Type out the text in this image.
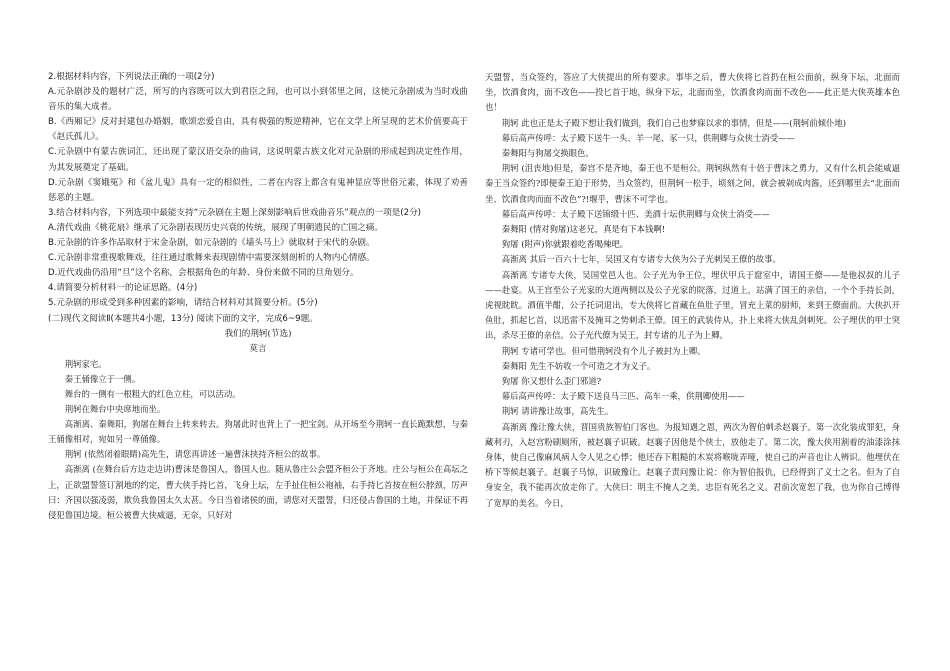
2.根据材料内容，下列说法正确的一项(2分)

A.元杂剧涉及的题材广泛，所写的内容既可以大到君臣之间，也可以小到邻里之间，这使元杂剧成为当时戏曲音乐的集大成者。

B.《西厢记》反对封建包办婚姻，歌颂恋爱自由，具有极强的叛逆精神，它在文学上所呈现的艺术价值要高于《赵氏孤儿》。

C.元杂剧中有蒙古族词汇，还出现了蒙汉语交杂的曲词，这说明蒙古族文化对元杂剧的形成起到决定性作用，为其发展奠定了基础。

D.元杂剧《窦娥冤》和《盆儿鬼》具有一定的相似性，二者在内容上都含有鬼神显应等世俗元素，体现了劝善惩恶的主题。

3.结合材料内容，下列选项中最能支持“元杂剧在主题上深刻影响后世戏曲音乐”观点的一项是(2分)

A.清代戏曲《桃花扇》继承了元杂剧表现历史兴衰的传统，展现了明朝遗民的亡国之痛。

B.元杂剧的许多作品取材于宋金杂剧，如元杂剧的《墙头马上》就取材于宋代的杂剧。

C.元杂剧非常重视歌舞戏，往往通过歌舞来表现剧情中需要深刻剖析的人物内心情感。

D.近代戏曲仍沿用“旦”这个名称，会根据角色的年龄、身份来做不同的旦角划分。

4.请简要分析材料一的论证思路。(4分)

5.元杂剧的形成受到多种因素的影响，请结合材料对其简要分析。(5分)

(二)现代文阅读Ⅱ(本题共4小题，13分) 阅读下面的文字，完成6~9题。

我们的荆轲(节选)

莫言

荆轲家宅。

秦王俑像立于一侧。

舞台的一侧有一根粗大的红色立柱，可以活动。

荆轲在舞台中央席地而坐。

高渐离、秦舞阳，狗屠在舞台上转来转去。狗屠此时也背上了一把宝剑。从开场至今荆轲一直长跪默想，与秦王俑像相对，宛如另一尊俑像。

荆轲 (依然闭着眼睛)高先生，请您再讲述一遍曹沫挟持齐桓公的故事。

高渐离 (在舞台后方边走边讲)曹沫是鲁国人，鲁国人也。随从鲁庄公会盟齐桓公于齐地。庄公与桓公在高坛之上，正欲盟誓签订割地的约定，曹大侠手持匕首，飞身上坛，左手扯住桓公袍袖，右手持匕首按在桓公脖颈，厉声曰：齐国以强凌弱，欺负我鲁国太久太甚。今日当着诸侯的面，请您对天盟誓，归还侵占鲁国的土地，并保证不再侵犯鲁国边境。桓公被曹大侠威逼，无奈，只好对

天盟誓，当众签约，答应了大侠提出的所有要求。事毕之后，曹大侠将匕首扔在桓公面前，纵身下坛，北面而坐，饮酒食肉，面不改色——投匕首于地，纵身下坛，北面而坐，饮酒食肉而面不改色——此正是大侠英雄本色也！

荆轲 此也正是太子殿下想让我们做到，我们自己也梦寐以求的事情，但是——(荆轲前倾仆地)

幕后高声传呼：太子殿下送牛一头、羊一尾、豕一只，供荆卿与众侠士消受——

秦舞阳与狗屠交换眼色。

荆轲 (沮丧地)但是，秦宫不是齐地，秦王也不是桓公。荆轲纵然有十倍于曹沫之勇力，又有什么机会能威逼秦王当众签约?即便秦王迫于形势，当众签约，但荆轲一松手，顷刻之间，就会被剁成肉酱，还到哪里去“北面而坐、饮酒食肉而面不改色”?!堰乎，曹沫不可学也。

幕后高声传呼：太子殿下送锦缎十匹、美酒十坛供荆卿与众侠士消受——

秦舞阳 (情对狗屠)这老兄，真是有下本钱啊!

狗屠 (附声)你就跟着吃香喝辣吧。

高渐离 其后一百六十七年，吴国又有专诸专大侠为公子光刺吴王僚的故事。

高渐离 专诸专大侠，吴国堂邑人也。公子光为争王位，埋伏甲兵于窟室中，请国王僚——是他叔叔的儿子——赴宴。从王宫至公子光家的大道两侧以及公子光家的院落，过道上，站满了国王的亲信，一个个手持长剑，虎视眈眈。酒值半酣，公子托词退出，专大侠将匕首藏在鱼肚子里，冒充上菜的厨师，来到王僚面前。大侠扒开鱼肚，抓起匕首，以迅雷不及掩耳之势刺杀王僚。国王的武装侍从，扑上来将大侠乱剑刺死。公子埋伏的甲士突出，杀尽王僚的亲信。公子光代僚为吴王，封专诸的儿子为上卿。

荆轲 专诸可学也。但可惜荆轲没有个儿子被封为上卿。

秦舞阳 先生不妨收一个可造之才为义子。

狗屠 你又想什么歪门邪道?

幕后高声传呼：太子殿下送良马三匹、高车一乘，供荆卿使用——

荆轲 请讲豫让故事，高先生。

高渐离 豫让豫大侠，晋国贵族智伯门客也。为报知遇之恩，两次为智伯刺杀赵襄子。第一次化装成罪犯，身藏利刃，入赵宫粉刷厕所，被赵襄子识破。赵襄子因他是个侠士，放他走了。第二次，豫大侠用割着的油漆涂抹身体，使自己像麻风病人令人见之心悸；他还吞下粗糙的木炭将喉咙弄哑，使自己的声音也让人辨识。他埋伏在桥下等候赵襄子。赵襄子马惊，识破豫让。赵襄子责问豫让说：你为智伯报仇，已经得到了义士之名。但为了自身安全，我不能再次放走你了。大侠曰：明主不掩人之美，忠臣有死名之义。君前次宽恕了我，也为你自己博得了宽厚的美名。今日，
